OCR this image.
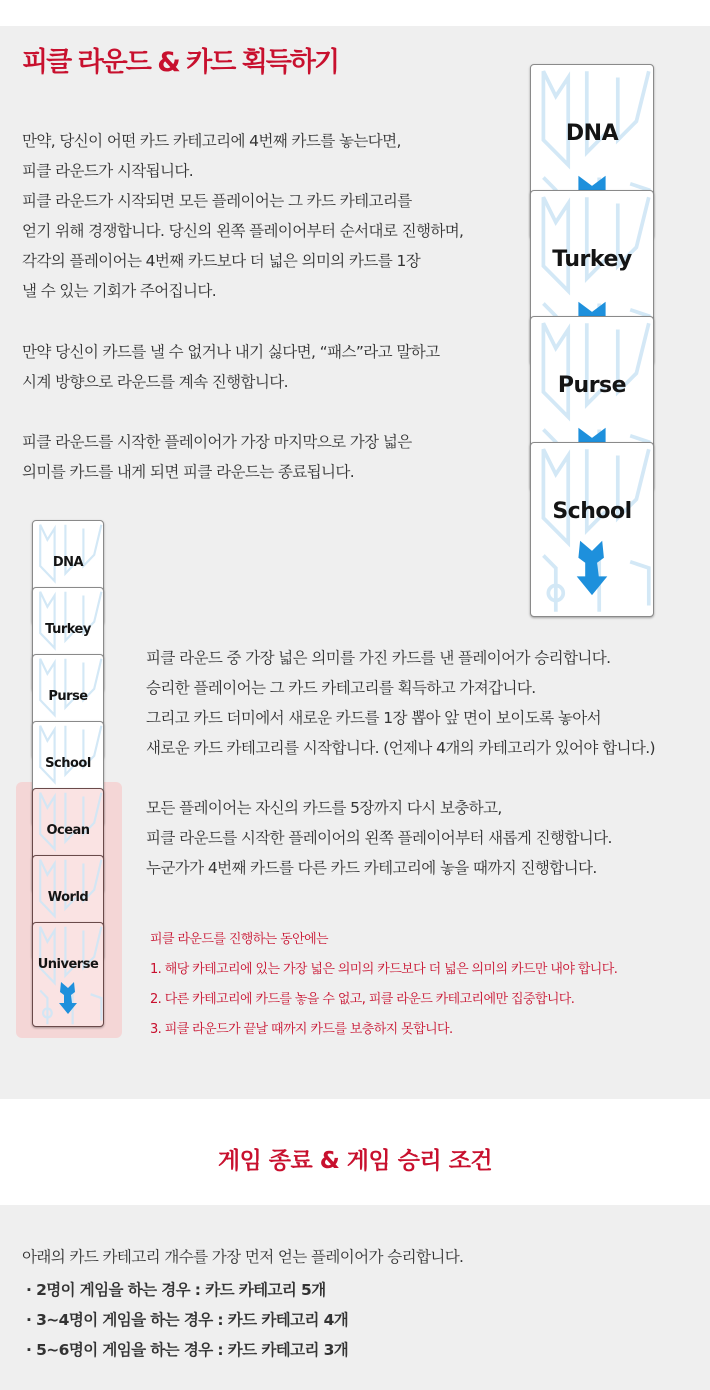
피클 라운드 & 카드 획득하기
만약, 당신이 어떤 카드 카테고리에 4번째 카드를 놓는다면,
피클 라운드가 시작됩니다.
피클 라운드가 시작되면 모든 플레이어는 그 카드 카테고리를
얻기 위해 경쟁합니다. 당신의 왼쪽 플레이어부터 순서대로 진행하며,
각각의 플레이어는 4번째 카드보다 더 넓은 의미의 카드를 1장
낼 수 있는 기회가 주어집니다.
만약 당신이 카드를 낼 수 없거나 내기 싫다면, “패스”라고 말하고
시계 방향으로 라운드를 계속 진행합니다.
피클 라운드를 시작한 플레이어가 가장 마지막으로 가장 넓은
의미를 카드를 내게 되면 피클 라운드는 종료됩니다.
DNA
Turkey
Purse
School
DNA
Turkey
Purse
School
Ocean
World
Universe
피클 라운드 중 가장 넓은 의미를 가진 카드를 낸 플레이어가 승리합니다.
승리한 플레이어는 그 카드 카테고리를 획득하고 가져갑니다.
그리고 카드 더미에서 새로운 카드를 1장 뽑아 앞 면이 보이도록 놓아서
새로운 카드 카테고리를 시작합니다. (언제나 4개의 카테고리가 있어야 합니다.)
모든 플레이어는 자신의 카드를 5장까지 다시 보충하고,
피클 라운드를 시작한 플레이어의 왼쪽 플레이어부터 새롭게 진행합니다.
누군가가 4번째 카드를 다른 카드 카테고리에 놓을 때까지 진행합니다.
피클 라운드를 진행하는 동안에는
1. 해당 카테고리에 있는 가장 넓은 의미의 카드보다 더 넓은 의미의 카드만 내야 합니다.
2. 다른 카테고리에 카드를 놓을 수 없고, 피클 라운드 카테고리에만 집중합니다.
3. 피클 라운드가 끝날 때까지 카드를 보충하지 못합니다.
게임 종료 & 게임 승리 조건
아래의 카드 카테고리 개수를 가장 먼저 얻는 플레이어가 승리합니다.
· 2명이 게임을 하는 경우 : 카드 카테고리 5개
· 3~4명이 게임을 하는 경우 : 카드 카테고리 4개
· 5~6명이 게임을 하는 경우 : 카드 카테고리 3개
